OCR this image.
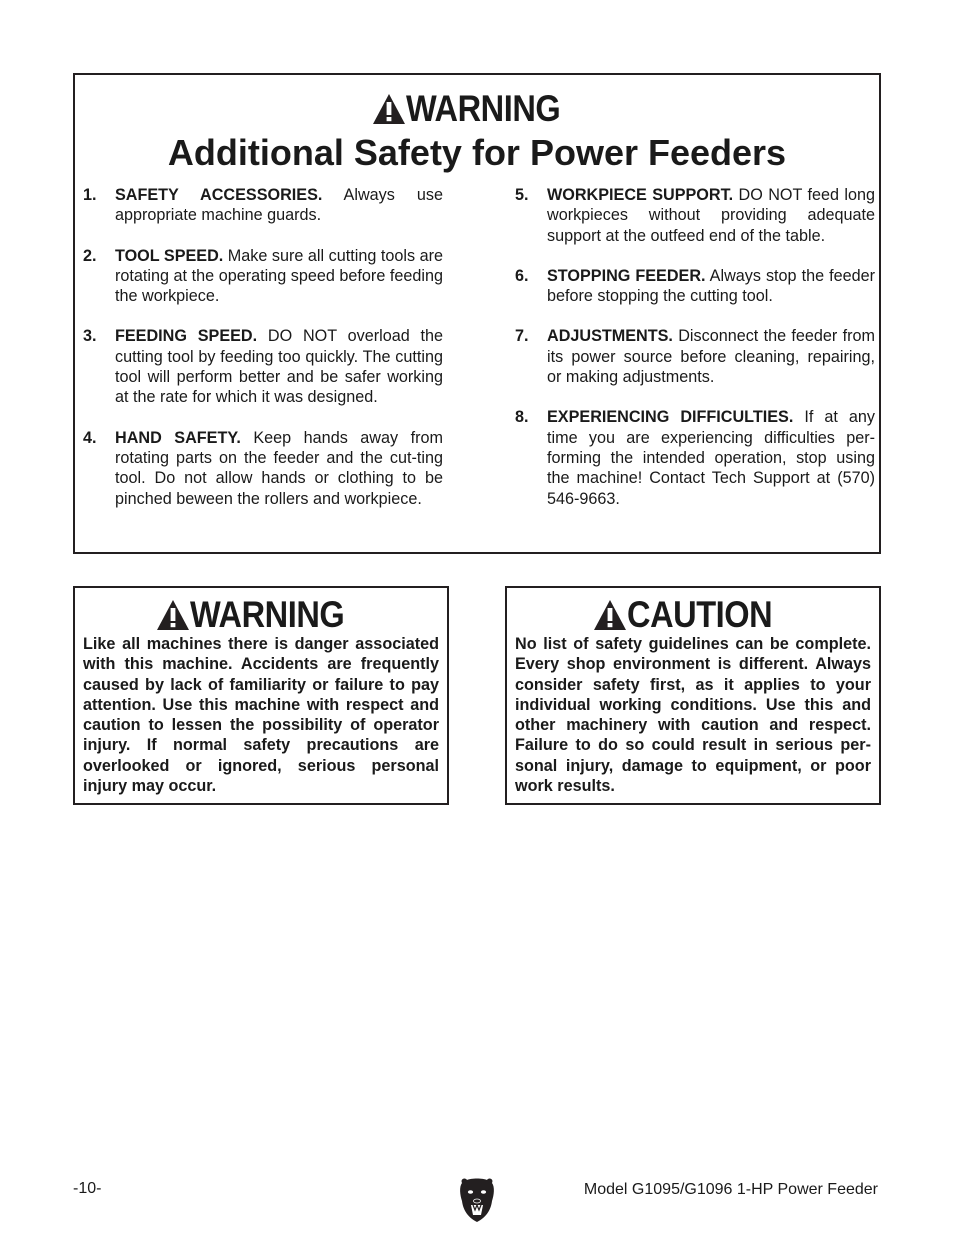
WARNING
Additional Safety for Power Feeders
1. SAFETY ACCESSORIES. Always use appropriate machine guards.
2. TOOL SPEED. Make sure all cutting tools are rotating at the operating speed before feeding the workpiece.
3. FEEDING SPEED. DO NOT overload the cutting tool by feeding too quickly. The cutting tool will perform better and be safer working at the rate for which it was designed.
4. HAND SAFETY. Keep hands away from rotating parts on the feeder and the cut-ting tool. Do not allow hands or clothing to be pinched beween the rollers and workpiece.
5. WORKPIECE SUPPORT. DO NOT feed long workpieces without providing adequate support at the outfeed end of the table.
6. STOPPING FEEDER. Always stop the feeder before stopping the cutting tool.
7. ADJUSTMENTS. Disconnect the feeder from its power source before cleaning, repairing, or making adjustments.
8. EXPERIENCING DIFFICULTIES. If at any time you are experiencing difficulties per-forming the intended operation, stop using the machine! Contact Tech Support at (570) 546-9663.
WARNING
Like all machines there is danger associated with this machine. Accidents are frequently caused by lack of familiarity or failure to pay attention. Use this machine with respect and caution to lessen the possibility of operator injury. If normal safety precautions are overlooked or ignored, serious personal injury may occur.
CAUTION
No list of safety guidelines can be complete. Every shop environment is different. Always consider safety first, as it applies to your individual working conditions. Use this and other machinery with caution and respect. Failure to do so could result in serious per-sonal injury, damage to equipment, or poor work results.
-10-	Model G1095/G1096 1-HP Power Feeder
